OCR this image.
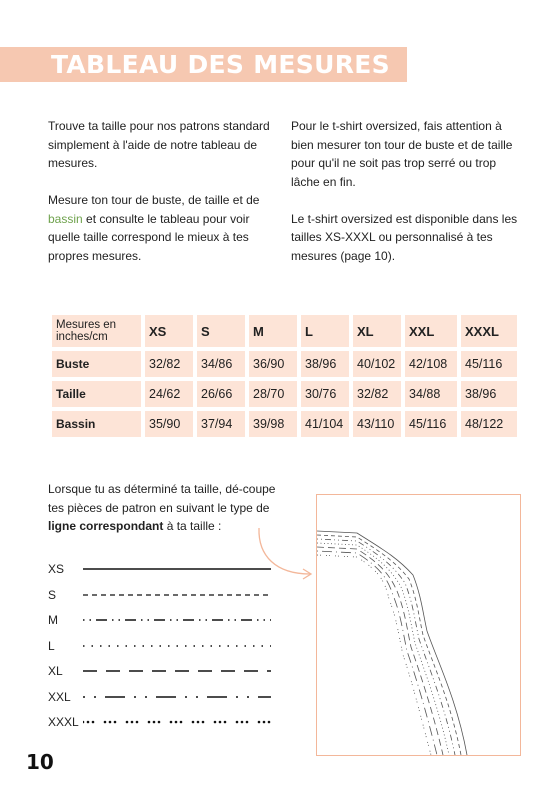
TABLEAU DES MESURES

Trouve ta taille pour nos patrons standard simplement à l'aide de notre tableau de mesures.

Mesure ton tour de buste, de taille et de bassin et consulte le tableau pour voir quelle taille correspond le mieux à tes propres mesures.

Pour le t-shirt oversized, fais attention à bien mesurer ton tour de buste et de taille pour qu'il ne soit pas trop serré ou trop lâche en fin.

Le t-shirt oversized est disponible dans les tailles XS-XXXL ou personnalisé à tes mesures (page 10).

Mesures en inches/cm	XS	S	M	L	XL	XXL	XXXL
Buste	32/82	34/86	36/90	38/96	40/102	42/108	45/116
Taille	24/62	26/66	28/70	30/76	32/82	34/88	38/96
Bassin	35/90	37/94	39/98	41/104	43/110	45/116	48/122
Lorsque tu as déterminé ta taille, dé-coupe tes pièces de patron en suivant le type de ligne correspondant à ta taille :
XS
S
M
L
XL
XXL
XXXL
10
